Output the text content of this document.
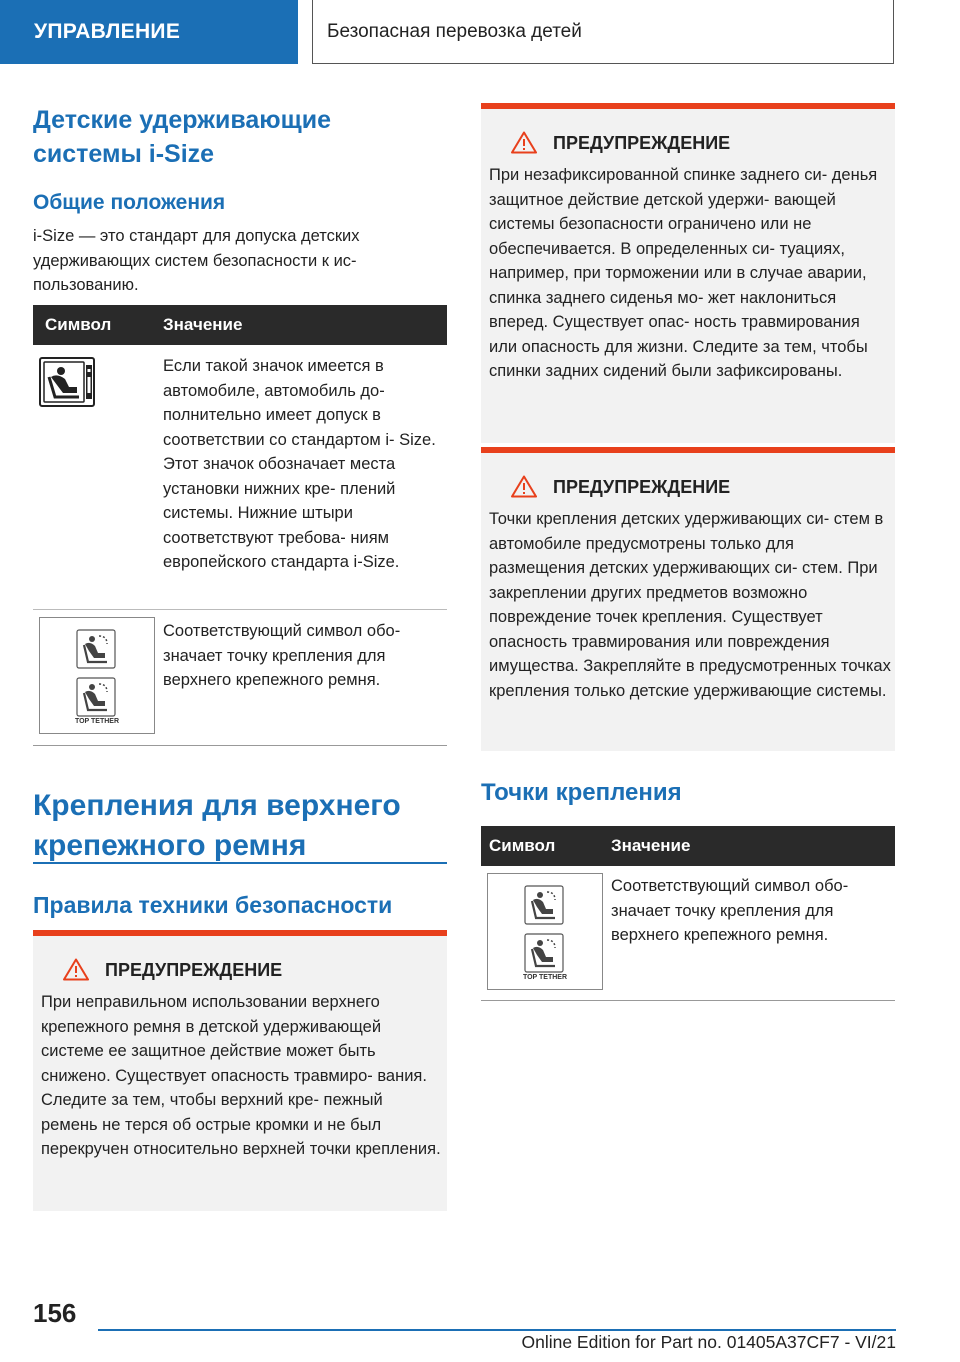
УПРАВЛЕНИЕ	Безопасная перевозка детей
Детские удерживающие системы i-Size
Общие положения

i-Size — это стандарт для допуска детских удерживающих систем безопасности к ис- пользованию.

Символ	Значение

Если такой значок имеется в автомобиле, автомобиль до- полнительно имеет допуск в соответствии со стандартом i- Size. Этот значок обозначает места установки нижних кре- плений системы. Нижние штыри соответствуют требова- ниям европейского стандарта i-Size.

TOP TETHER

Соответствующий символ обо- значает точку крепления для верхнего крепежного ремня.

Крепления для верхнего крепежного ремня
Правила техники безопасности
ПРЕДУПРЕЖДЕНИЕ

При неправильном использовании верхнего крепежного ремня в детской удерживающей системе ее защитное действие может быть снижено. Существует опасность травмиро- вания. Следите за тем, чтобы верхний кре- пежный ремень не терся об острые кромки и не был перекручен относительно верхней точки крепления.

ПРЕДУПРЕЖДЕНИЕ

При незафиксированной спинке заднего си- денья защитное действие детской удержи- вающей системы безопасности ограничено или не обеспечивается. В определенных си- туациях, например, при торможении или в случае аварии, спинка заднего сиденья мо- жет наклониться вперед. Существует опас- ность травмирования или опасность для жизни. Следите за тем, чтобы спинки задних сидений были зафиксированы.

ПРЕДУПРЕЖДЕНИЕ

Точки крепления детских удерживающих си- стем в автомобиле предусмотрены только для размещения детских удерживающих си- стем. При закреплении других предметов возможно повреждение точек крепления. Существует опасность травмирования или повреждения имущества. Закрепляйте в предусмотренных точках крепления только детские удерживающие системы.

Точки крепления
Символ	Значение
TOP TETHER

Соответствующий символ обо- значает точку крепления для верхнего крепежного ремня.

156
Online Edition for Part no. 01405A37CF7 - VI/21
